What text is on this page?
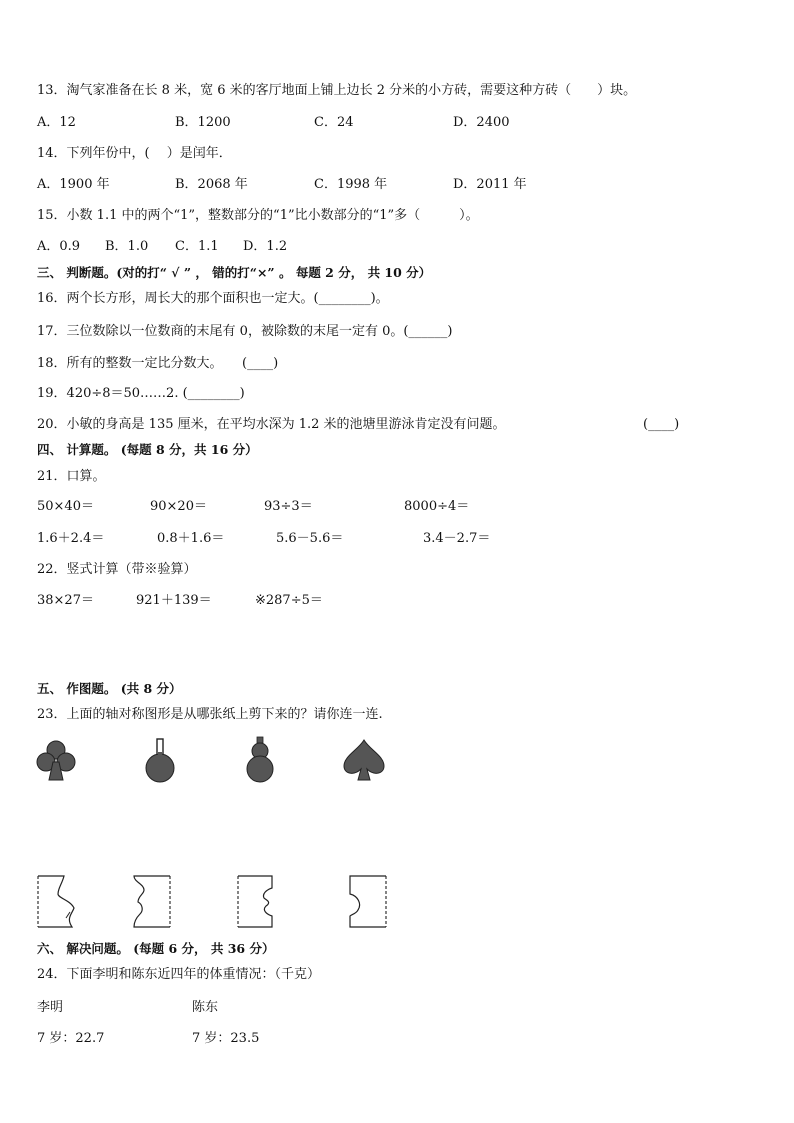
13．淘气家准备在长 8 米，宽 6 米的客厅地面上铺上边长 2 分米的小方砖，需要这种方砖（　　）块。
A．12	B．1200	C．24	D．2400
14．下列年份中，(　 ）是闰年．
A．1900 年	B．2068 年	C．1998 年	D．2011 年
15．小数 1.1 中的两个“1”，整数部分的“1”比小数部分的“1”多（　　　）。
A．0.9 B．1.0 C．1.1 D．1.2
三、 判断题。(对的打“ √ ” ， 错的打“×” 。 每题 2 分， 共 10 分）
16．两个长方形，周长大的那个面积也一定大。(________)。
17．三位数除以一位数商的末尾有 0，被除数的末尾一定有 0。(______)
18．所有的整数一定比分数大。　　(____)
19．420÷8＝50……2. (________)
20．小敏的身高是 135 厘米，在平均水深为 1.2 米的池塘里游泳肯定没有问题。	(____)
四、 计算题。 (每题 8 分，共 16 分）
21．口算。
50×40＝	90×20＝	93÷3＝	8000÷4＝
1.6＋2.4＝	0.8＋1.6＝	5.6－5.6＝	3.4－2.7＝
22．竖式计算（带※验算）
38×27＝	921＋139＝	※287÷5＝
五、 作图题。 (共 8 分）
23．上面的轴对称图形是从哪张纸上剪下来的？请你连一连.
六、 解决问题。 (每题 6 分， 共 36 分）
24．下面李明和陈东近四年的体重情况：（千克）
李明	陈东
7 岁：22.7	7 岁：23.5
